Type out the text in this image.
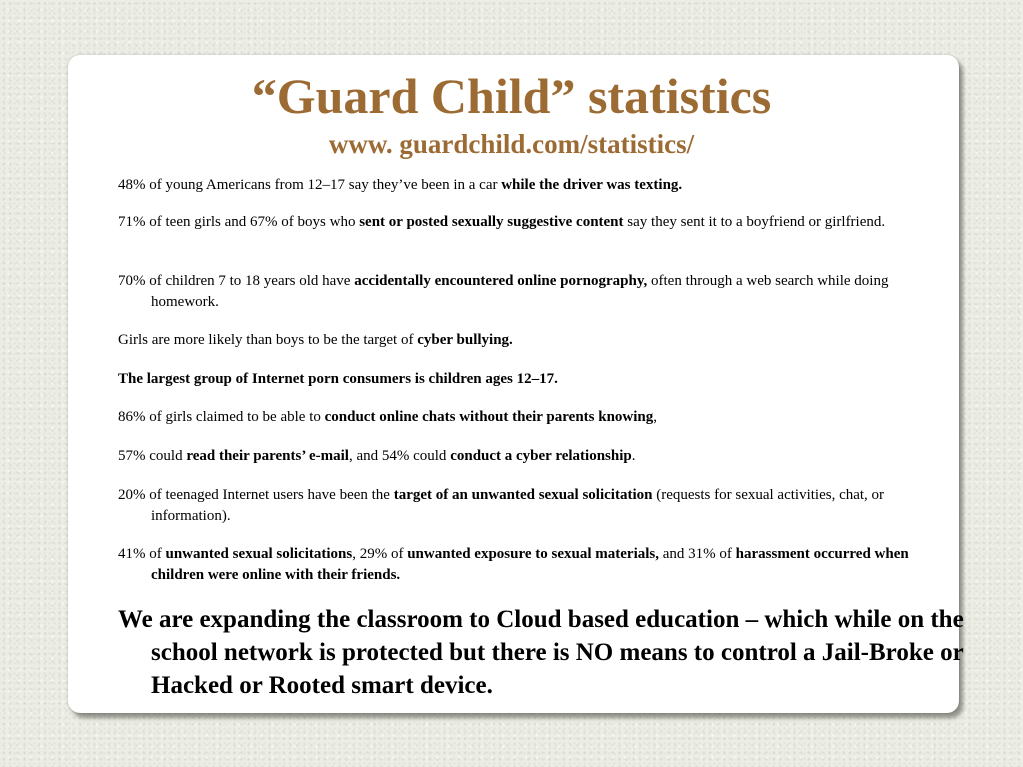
“Guard Child” statistics
www. guardchild.com/statistics/

48% of young Americans from 12–17 say they’ve been in a car while the driver was texting.

71% of teen girls and 67% of boys who sent or posted sexually suggestive content say they sent it to a boyfriend or girlfriend.

70% of children 7 to 18 years old have accidentally encountered online pornography, often through a web search while doing homework.

Girls are more likely than boys to be the target of cyber bullying.

The largest group of Internet porn consumers is children ages 12–17.

86% of girls claimed to be able to conduct online chats without their parents knowing,

57% could read their parents’ e-mail, and 54% could conduct a cyber relationship.

20% of teenaged Internet users have been the target of an unwanted sexual solicitation (requests for sexual activities, chat, or information).

41% of unwanted sexual solicitations, 29% of unwanted exposure to sexual materials, and 31% of harassment occurred when children were online with their friends.

We are expanding the classroom to Cloud based education – which while on the school network is protected but there is NO means to control a Jail-Broke or Hacked or Rooted smart device.
